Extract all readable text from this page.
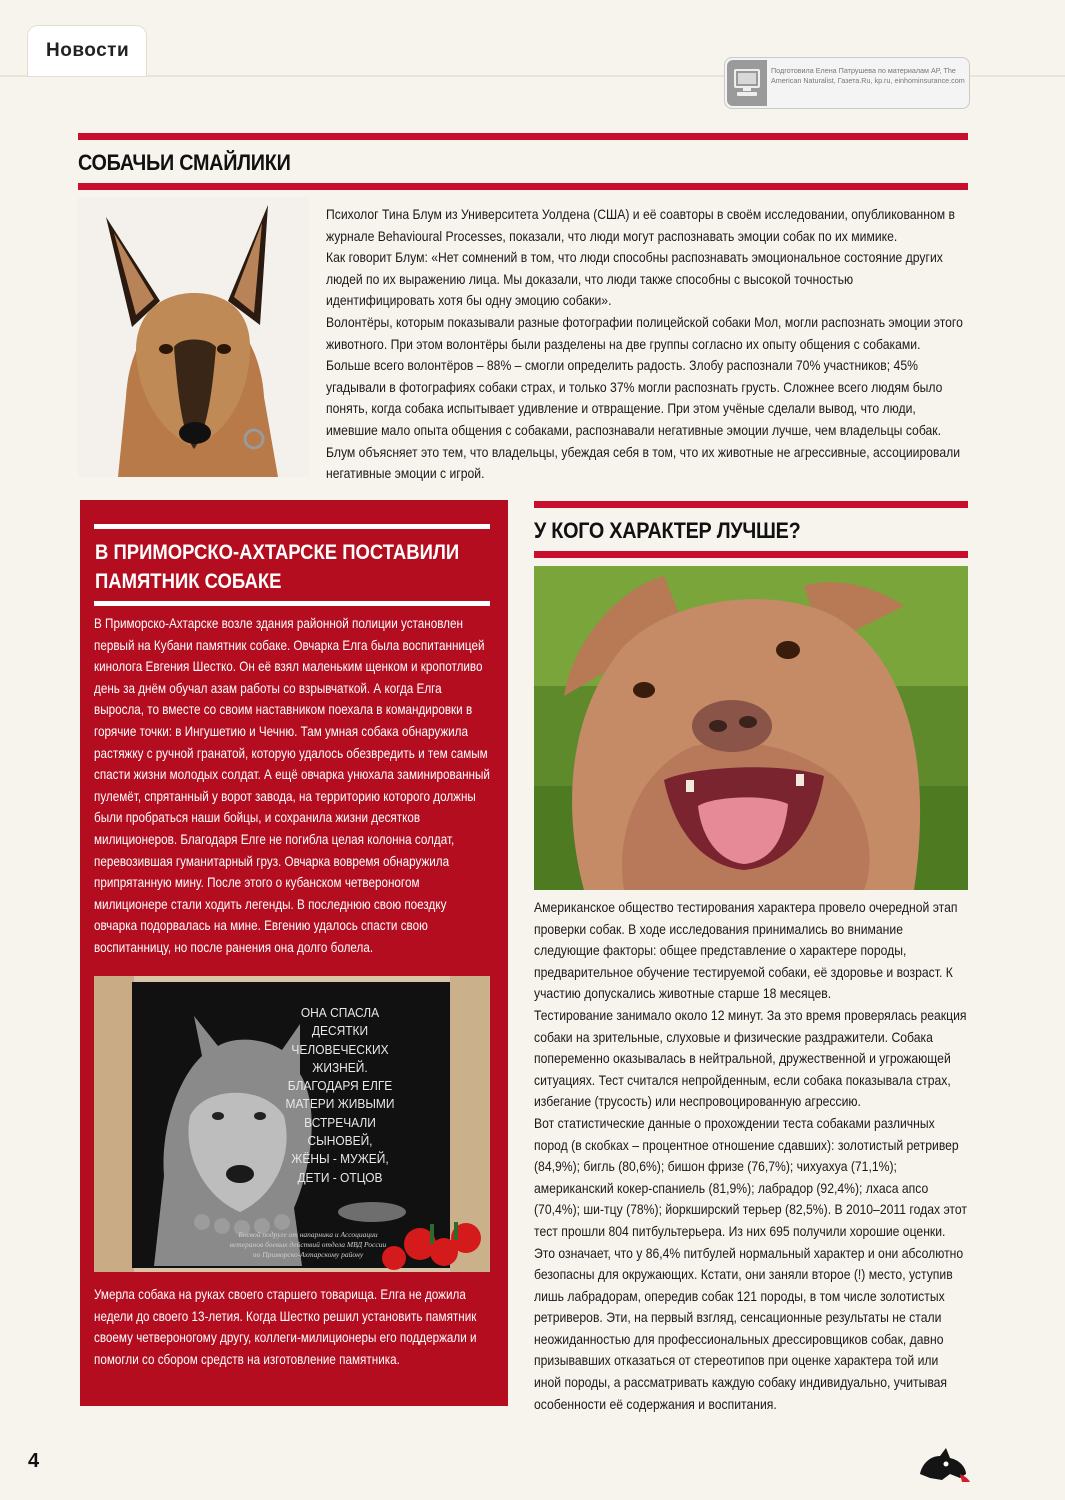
Новости
Подготовила Елена Патрушева по материалам AP, The American Naturalist, Газета.Ru, kp.ru, einhominsurance.com
СОБАЧЬИ СМАЙЛИКИ

Психолог Тина Блум из Университета Уолдена (США) и её соавторы в своём исследовании, опубликованном в журнале Behavioural Processes, показали, что люди могут распознавать эмоции собак по их мимике.

Как говорит Блум: «Нет сомнений в том, что люди способны распознавать эмоциональное состояние других людей по их выражению лица. Мы доказали, что люди также способны с высокой точностью идентифицировать хотя бы одну эмоцию собаки».

Волонтёры, которым показывали разные фотографии полицейской собаки Мол, могли распознать эмоции этого животного. При этом волонтёры были разделены на две группы согласно их опыту общения с собаками. Больше всего волонтёров – 88% – смогли определить радость. Злобу распознали 70% участников; 45% угадывали в фотографиях собаки страх, и только 37% могли распознать грусть. Сложнее всего людям было понять, когда собака испытывает удивление и отвращение. При этом учёные сделали вывод, что люди, имевшие мало опыта общения с собаками, распознавали негативные эмоции лучше, чем владельцы собак. Блум объясняет это тем, что владельцы, убеждая себя в том, что их животные не агрессивные, ассоциировали негативные эмоции с игрой.

В ПРИМОРСКО-АХТАРСКЕ ПОСТАВИЛИ
ПАМЯТНИК СОБАКЕ
В Приморско-Ахтарске возле здания районной полиции установлен первый на Кубани памятник собаке. Овчарка Елга была воспитанницей кинолога Евгения Шестко. Он её взял маленьким щенком и кропотливо день за днём обучал азам работы со взрывчаткой. А когда Елга выросла, то вместе со своим наставником поехала в командировки в горячие точки: в Ингушетию и Чечню. Там умная собака обнаружила растяжку с ручной гранатой, которую удалось обезвредить и тем самым спасти жизни молодых солдат. А ещё овчарка унюхала заминированный пулемёт, спрятанный у ворот завода, на территорию которого должны были пробраться наши бойцы, и сохранила жизни десятков милиционеров. Благодаря Елге не погибла целая колонна солдат, перевозившая гуманитарный груз. Овчарка вовремя обнаружила припрятанную мину. После этого о кубанском четвероногом милиционере стали ходить легенды. В последнюю свою поездку овчарка подорвалась на мине. Евгению удалось спасти свою воспитанницу, но после ранения она долго болела.
ОНА СПАСЛА
ДЕСЯТКИ
ЧЕЛОВЕЧЕСКИХ
ЖИЗНЕЙ.
БЛАГОДАРЯ ЕЛГЕ
МАТЕРИ ЖИВЫМИ
ВСТРЕЧАЛИ СЫНОВЕЙ,
ЖЁНЫ - МУЖЕЙ,
ДЕТИ - ОТЦОВ
Боевой подруге от напарника и Ассоциации
ветеранов боевых действий отдела МВД России
по Приморско-Ахтарскому району
Умерла собака на руках своего старшего товарища. Елга не дожила недели до своего 13-летия. Когда Шестко решил установить памятник своему четвероногому другу, коллеги-милиционеры его поддержали и помогли со сбором средств на изготовление памятника.
У КОГО ХАРАКТЕР ЛУЧШЕ?

Американское общество тестирования характера провело очередной этап проверки собак. В ходе исследования принимались во внимание следующие факторы: общее представление о характере породы, предварительное обучение тестируемой собаки, её здоровье и возраст. К участию допускались животные старше 18 месяцев.

Тестирование занимало около 12 минут. За это время проверялась реакция собаки на зрительные, слуховые и физические раздражители. Собака попеременно оказывалась в нейтральной, дружественной и угрожающей ситуациях. Тест считался непройденным, если собака показывала страх, избегание (трусость) или неспровоцированную агрессию.

Вот статистические данные о прохождении теста собаками различных пород (в скобках – процентное отношение сдавших): золотистый ретривер (84,9%); бигль (80,6%); бишон фризе (76,7%); чихуахуа (71,1%); американский кокер-спаниель (81,9%); лабрадор (92,4%); лхаса апсо (70,4%); ши-тцу (78%); йоркширский терьер (82,5%). В 2010–2011 годах этот тест прошли 804 питбультерьера. Из них 695 получили хорошие оценки. Это означает, что у 86,4% питбулей нормальный характер и они абсолютно безопасны для окружающих. Кстати, они заняли второе (!) место, уступив лишь лабрадорам, опередив собак 121 породы, в том числе золотистых ретриверов. Эти, на первый взгляд, сенсационные результаты не стали неожиданностью для профессиональных дрессировщиков собак, давно призывавших отказаться от стереотипов при оценке характера той или иной породы, а рассматривать каждую собаку индивидуально, учитывая особенности её содержания и воспитания.

4
